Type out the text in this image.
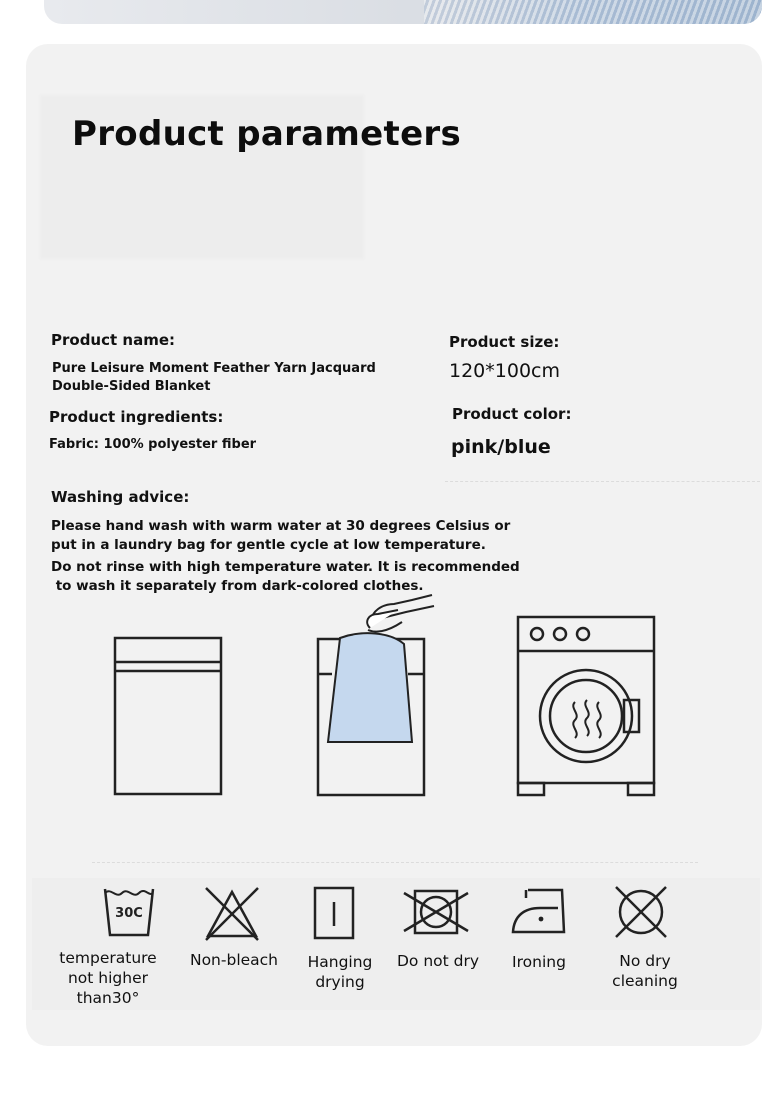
Product parameters
Product name:
Pure Leisure Moment Feather Yarn Jacquard
Double-Sided Blanket
Product size:
120*100cm
Product ingredients:
Fabric: 100% polyester fiber
Product color:
pink/blue
Washing advice:
Please hand wash with warm water at 30 degrees Celsius or
put in a laundry bag for gentle cycle at low temperature.
Do not rinse with high temperature water. It is recommended
to wash it separately from dark-colored clothes.
30C
temperature not higher than30°
Non-bleach	Hanging drying
Do not dry	Ironing	No dry cleaning
